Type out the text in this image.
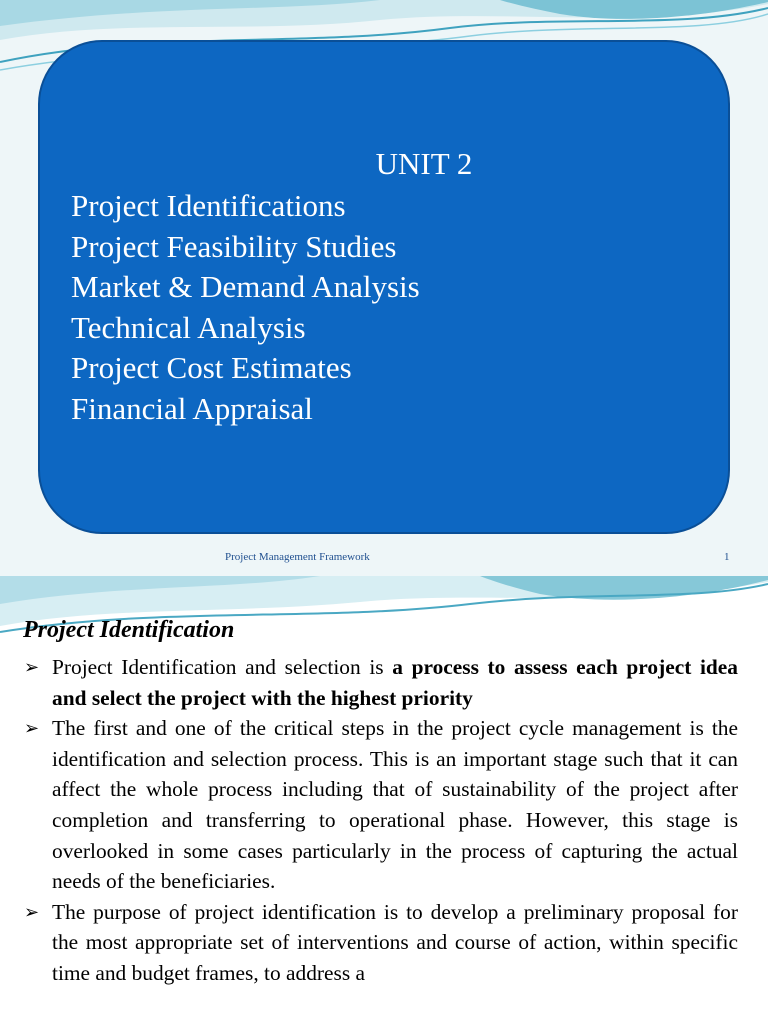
UNIT 2
Project Identifications
Project Feasibility Studies
Market & Demand Analysis
Technical Analysis
Project Cost Estimates
Financial Appraisal
Project Management Framework	1
Project Identification
➢ Project Identification and selection is a process to assess each project idea and select the project with the highest priority
➢ The first and one of the critical steps in the project cycle management is the identification and selection process. This is an important stage such that it can affect the whole process including that of sustainability of the project after completion and transferring to operational phase. However, this stage is overlooked in some cases particularly in the process of capturing the actual needs of the beneficiaries.
➢ The purpose of project identification is to develop a preliminary proposal for the most appropriate set of interventions and course of action, within specific time and budget frames, to address a
